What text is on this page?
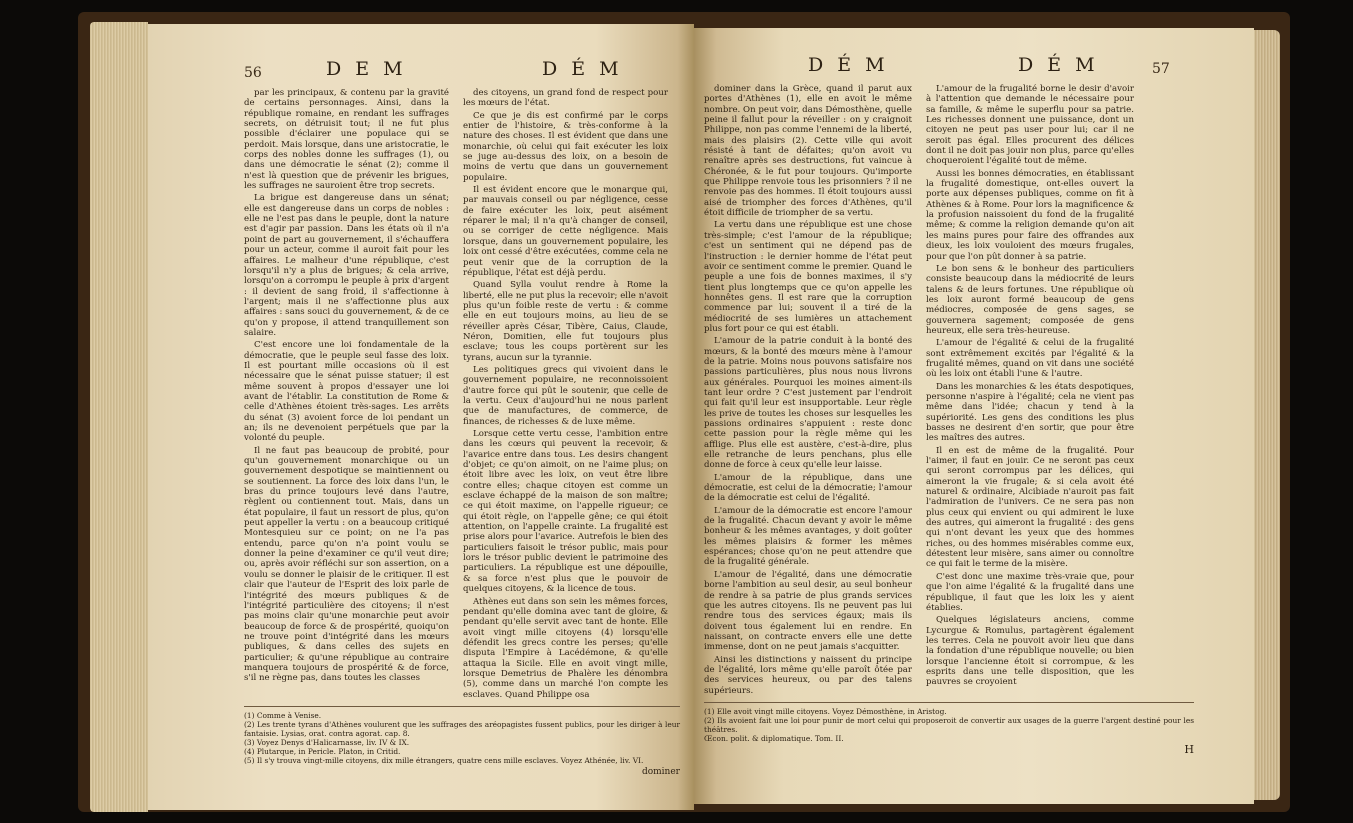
56	D E M	D É M

par les principaux, & contenu par la gravité de certains personnages. Ainsi, dans la république romaine, en rendant les suffrages secrets, on détruisit tout; il ne fut plus possible d'éclairer une populace qui se perdoit. Mais lorsque, dans une aristocratie, le corps des nobles donne les suffrages (1), ou dans une démocratie le sénat (2); comme il n'est là question que de prévenir les brigues, les suffrages ne sauroient être trop secrets.

La brigue est dangereuse dans un sénat; elle est dangereuse dans un corps de nobles : elle ne l'est pas dans le peuple, dont la nature est d'agir par passion. Dans les états où il n'a point de part au gouvernement, il s'échauffera pour un acteur, comme il auroit fait pour les affaires. Le malheur d'une république, c'est lorsqu'il n'y a plus de brigues; & cela arrive, lorsqu'on a corrompu le peuple à prix d'argent : il devient de sang froid, il s'affectionne à l'argent; mais il ne s'affectionne plus aux affaires : sans souci du gouvernement, & de ce qu'on y propose, il attend tranquillement son salaire.

C'est encore une loi fondamentale de la démocratie, que le peuple seul fasse des loix. Il est pourtant mille occasions où il est nécessaire que le sénat puisse statuer; il est même souvent à propos d'essayer une loi avant de l'établir. La constitution de Rome & celle d'Athènes étoient très-sages. Les arrêts du sénat (3) avoient force de loi pendant un an; ils ne devenoient perpétuels que par la volonté du peuple.

Il ne faut pas beaucoup de probité, pour qu'un gouvernement monarchique ou un gouvernement despotique se maintiennent ou se soutiennent. La force des loix dans l'un, le bras du prince toujours levé dans l'autre, règlent ou contiennent tout. Mais, dans un état populaire, il faut un ressort de plus, qu'on peut appeller la vertu : on a beaucoup critiqué Montesquieu sur ce point; on ne l'a pas entendu, parce qu'on n'a point voulu se donner la peine d'examiner ce qu'il veut dire; ou, après avoir réfléchi sur son assertion, on a voulu se donner le plaisir de le critiquer. Il est clair que l'auteur de l'Esprit des loix parle de l'intégrité des mœurs publiques & de l'intégrité particulière des citoyens; il n'est pas moins clair qu'une monarchie peut avoir beaucoup de force & de prospérité, quoiqu'on ne trouve point d'intégrité dans les mœurs publiques, & dans celles des sujets en particulier; & qu'une république au contraire manquera toujours de prospérité & de force, s'il ne règne pas, dans toutes les classes

des citoyens, un grand fond de respect pour les mœurs de l'état.

Ce que je dis est confirmé par le corps entier de l'histoire, & très-conforme à la nature des choses. Il est évident que dans une monarchie, où celui qui fait exécuter les loix se juge au-dessus des loix, on a besoin de moins de vertu que dans un gouvernement populaire.

Il est évident encore que le monarque qui, par mauvais conseil ou par négligence, cesse de faire exécuter les loix, peut aisément réparer le mal; il n'a qu'à changer de conseil, ou se corriger de cette négligence. Mais lorsque, dans un gouvernement populaire, les loix ont cessé d'être exécutées, comme cela ne peut venir que de la corruption de la république, l'état est déjà perdu.

Quand Sylla voulut rendre à Rome la liberté, elle ne put plus la recevoir; elle n'avoit plus qu'un foible reste de vertu : & comme elle en eut toujours moins, au lieu de se réveiller après César, Tibère, Caius, Claude, Néron, Domitien, elle fut toujours plus esclave; tous les coups portèrent sur les tyrans, aucun sur la tyrannie.

Les politiques grecs qui vivoient dans le gouvernement populaire, ne reconnoissoient d'autre force qui pût le soutenir, que celle de la vertu. Ceux d'aujourd'hui ne nous parlent que de manufactures, de commerce, de finances, de richesses & de luxe même.

Lorsque cette vertu cesse, l'ambition entre dans les cœurs qui peuvent la recevoir, & l'avarice entre dans tous. Les desirs changent d'objet; ce qu'on aimoit, on ne l'aime plus; on étoit libre avec les loix, on veut être libre contre elles; chaque citoyen est comme un esclave échappé de la maison de son maître; ce qui étoit maxime, on l'appelle rigueur; ce qui étoit règle, on l'appelle gêne; ce qui étoit attention, on l'appelle crainte. La frugalité est prise alors pour l'avarice. Autrefois le bien des particuliers faisoit le trésor public, mais pour lors le trésor public devient le patrimoine des particuliers. La république est une dépouille, & sa force n'est plus que le pouvoir de quelques citoyens, & la licence de tous.

Athènes eut dans son sein les mêmes forces, pendant qu'elle domina avec tant de gloire, & pendant qu'elle servit avec tant de honte. Elle avoit vingt mille citoyens (4) lorsqu'elle défendit les grecs contre les perses; qu'elle disputa l'Empire à Lacédémone, & qu'elle attaqua la Sicile. Elle en avoit vingt mille, lorsque Demetrius de Phalère les dénombra (5), comme dans un marché l'on compte les esclaves. Quand Philippe osa

(1) Comme à Venise.
(2) Les trente tyrans d'Athènes voulurent que les suffrages des aréopagistes fussent publics, pour les diriger à leur fantaisie. Lysias, orat. contra agorat. cap. 8.
(3) Voyez Denys d'Halicarnasse, liv. IV & IX.
(4) Plutarque, in Pericle. Platon, in Critid.
(5) Il s'y trouva vingt-mille citoyens, dix mille étrangers, quatre cens mille esclaves. Voyez Athénée, liv. VI.
dominer
D É M	D É M	57

dominer dans la Grèce, quand il parut aux portes d'Athènes (1), elle en avoit le même nombre. On peut voir, dans Démosthène, quelle peine il fallut pour la réveiller : on y craignoit Philippe, non pas comme l'ennemi de la liberté, mais des plaisirs (2). Cette ville qui avoit résisté à tant de défaites; qu'on avoit vu renaître après ses destructions, fut vaincue à Chéronée, & le fut pour toujours. Qu'importe que Philippe renvoie tous les prisonniers ? il ne renvoie pas des hommes. Il étoit toujours aussi aisé de triompher des forces d'Athènes, qu'il étoit difficile de triompher de sa vertu.

La vertu dans une république est une chose très-simple; c'est l'amour de la république; c'est un sentiment qui ne dépend pas de l'instruction : le dernier homme de l'état peut avoir ce sentiment comme le premier. Quand le peuple a une fois de bonnes maximes, il s'y tient plus longtemps que ce qu'on appelle les honnêtes gens. Il est rare que la corruption commence par lui; souvent il a tiré de la médiocrité de ses lumières un attachement plus fort pour ce qui est établi.

L'amour de la patrie conduit à la bonté des mœurs, & la bonté des mœurs mène à l'amour de la patrie. Moins nous pouvons satisfaire nos passions particulières, plus nous nous livrons aux générales. Pourquoi les moines aiment-ils tant leur ordre ? C'est justement par l'endroit qui fait qu'il leur est insupportable. Leur règle les prive de toutes les choses sur lesquelles les passions ordinaires s'appuient : reste donc cette passion pour la règle même qui les afflige. Plus elle est austère, c'est-à-dire, plus elle retranche de leurs penchans, plus elle donne de force à ceux qu'elle leur laisse.

L'amour de la république, dans une démocratie, est celui de la démocratie; l'amour de la démocratie est celui de l'égalité.

L'amour de la démocratie est encore l'amour de la frugalité. Chacun devant y avoir le même bonheur & les mêmes avantages, y doit goûter les mêmes plaisirs & former les mêmes espérances; chose qu'on ne peut attendre que de la frugalité générale.

L'amour de l'égalité, dans une démocratie borne l'ambition au seul desir, au seul bonheur de rendre à sa patrie de plus grands services que les autres citoyens. Ils ne peuvent pas lui rendre tous des services égaux; mais ils doivent tous également lui en rendre. En naissant, on contracte envers elle une dette immense, dont on ne peut jamais s'acquitter.

Ainsi les distinctions y naissent du principe de l'égalité, lors même qu'elle paroît ôtée par des services heureux, ou par des talens supérieurs.

L'amour de la frugalité borne le desir d'avoir à l'attention que demande le nécessaire pour sa famille, & même le superflu pour sa patrie. Les richesses donnent une puissance, dont un citoyen ne peut pas user pour lui; car il ne seroit pas égal. Elles procurent des délices dont il ne doit pas jouir non plus, parce qu'elles choqueroient l'égalité tout de même.

Aussi les bonnes démocraties, en établissant la frugalité domestique, ont-elles ouvert la porte aux dépenses publiques, comme on fit à Athènes & à Rome. Pour lors la magnificence & la profusion naissoient du fond de la frugalité même; & comme la religion demande qu'on ait les mains pures pour faire des offrandes aux dieux, les loix vouloient des mœurs frugales, pour que l'on pût donner à sa patrie.

Le bon sens & le bonheur des particuliers consiste beaucoup dans la médiocrité de leurs talens & de leurs fortunes. Une république où les loix auront formé beaucoup de gens médiocres, composée de gens sages, se gouvernera sagement; composée de gens heureux, elle sera très-heureuse.

L'amour de l'égalité & celui de la frugalité sont extrêmement excités par l'égalité & la frugalité mêmes, quand on vit dans une société où les loix ont établi l'une & l'autre.

Dans les monarchies & les états despotiques, personne n'aspire à l'égalité; cela ne vient pas même dans l'idée; chacun y tend à la supériorité. Les gens des conditions les plus basses ne desirent d'en sortir, que pour être les maîtres des autres.

Il en est de même de la frugalité. Pour l'aimer, il faut en jouir. Ce ne seront pas ceux qui seront corrompus par les délices, qui aimeront la vie frugale; & si cela avoit été naturel & ordinaire, Alcibiade n'auroit pas fait l'admiration de l'univers. Ce ne sera pas non plus ceux qui envient ou qui admirent le luxe des autres, qui aimeront la frugalité : des gens qui n'ont devant les yeux que des hommes riches, ou des hommes misérables comme eux, détestent leur misère, sans aimer ou connoître ce qui fait le terme de la misère.

C'est donc une maxime très-vraie que, pour que l'on aime l'égalité & la frugalité dans une république, il faut que les loix les y aient établies.

Quelques législateurs anciens, comme Lycurgue & Romulus, partagèrent également les terres. Cela ne pouvoit avoir lieu que dans la fondation d'une république nouvelle; ou bien lorsque l'ancienne étoit si corrompue, & les esprits dans une telle disposition, que les pauvres se croyoient

(1) Elle avoit vingt mille citoyens. Voyez Démosthène, in Aristog.
(2) Ils avoient fait une loi pour punir de mort celui qui proposeroit de convertir aux usages de la guerre l'argent destiné pour les théâtres.
Œcon. polit. & diplomatique. Tom. II.
H
